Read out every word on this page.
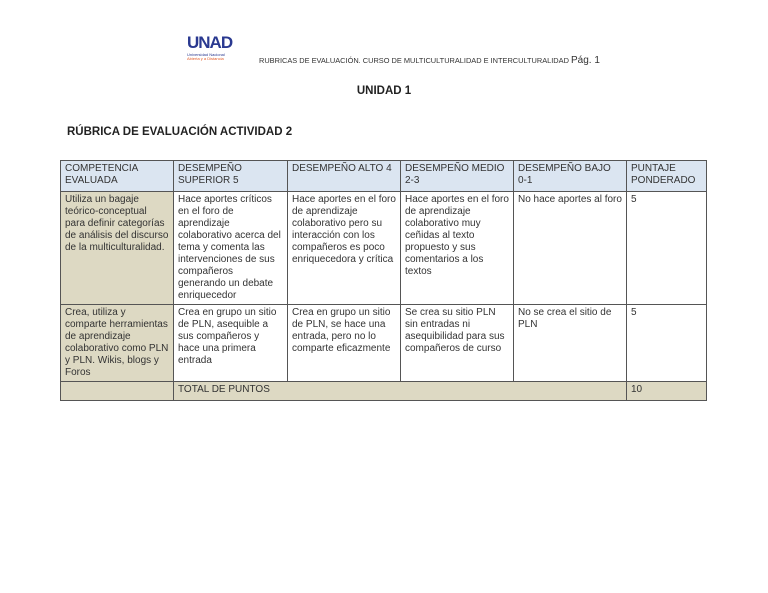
UNAD
Universidad Nacional
Abierta y a Distancia	RUBRICAS DE EVALUACIÓN. CURSO DE MULTICULTURALIDAD E INTERCULTURALIDAD Pág. 1
UNIDAD 1
RÚBRICA DE EVALUACIÓN ACTIVIDAD 2
COMPETENCIA EVALUADA	DESEMPEÑO SUPERIOR 5	DESEMPEÑO ALTO 4	DESEMPEÑO MEDIO 2-3	DESEMPEÑO BAJO 0-1	PUNTAJE PONDERADO
Utiliza un bagaje teórico-conceptual para definir categorías de análisis del discurso de la multiculturalidad.	Hace aportes críticos en el foro de aprendizaje colaborativo acerca del tema y comenta las intervenciones de sus compañeros generando un debate enriquecedor	Hace aportes en el foro de aprendizaje colaborativo pero su interacción con los compañeros es poco enriquecedora y crítica	Hace aportes en el foro de aprendizaje colaborativo muy ceñidas al texto propuesto y sus comentarios a los textos	No hace aportes al foro	5
Crea, utiliza y comparte herramientas de aprendizaje colaborativo como PLN y PLN. Wikis, blogs y Foros	Crea en grupo un sitio de PLN, asequible a sus compañeros y hace una primera entrada	Crea en grupo un sitio de PLN, se hace una entrada, pero no lo comparte eficazmente	Se crea su sitio PLN sin entradas ni asequibilidad para sus compañeros de curso	No se crea el sitio de PLN	5
	TOTAL DE PUNTOS				10
